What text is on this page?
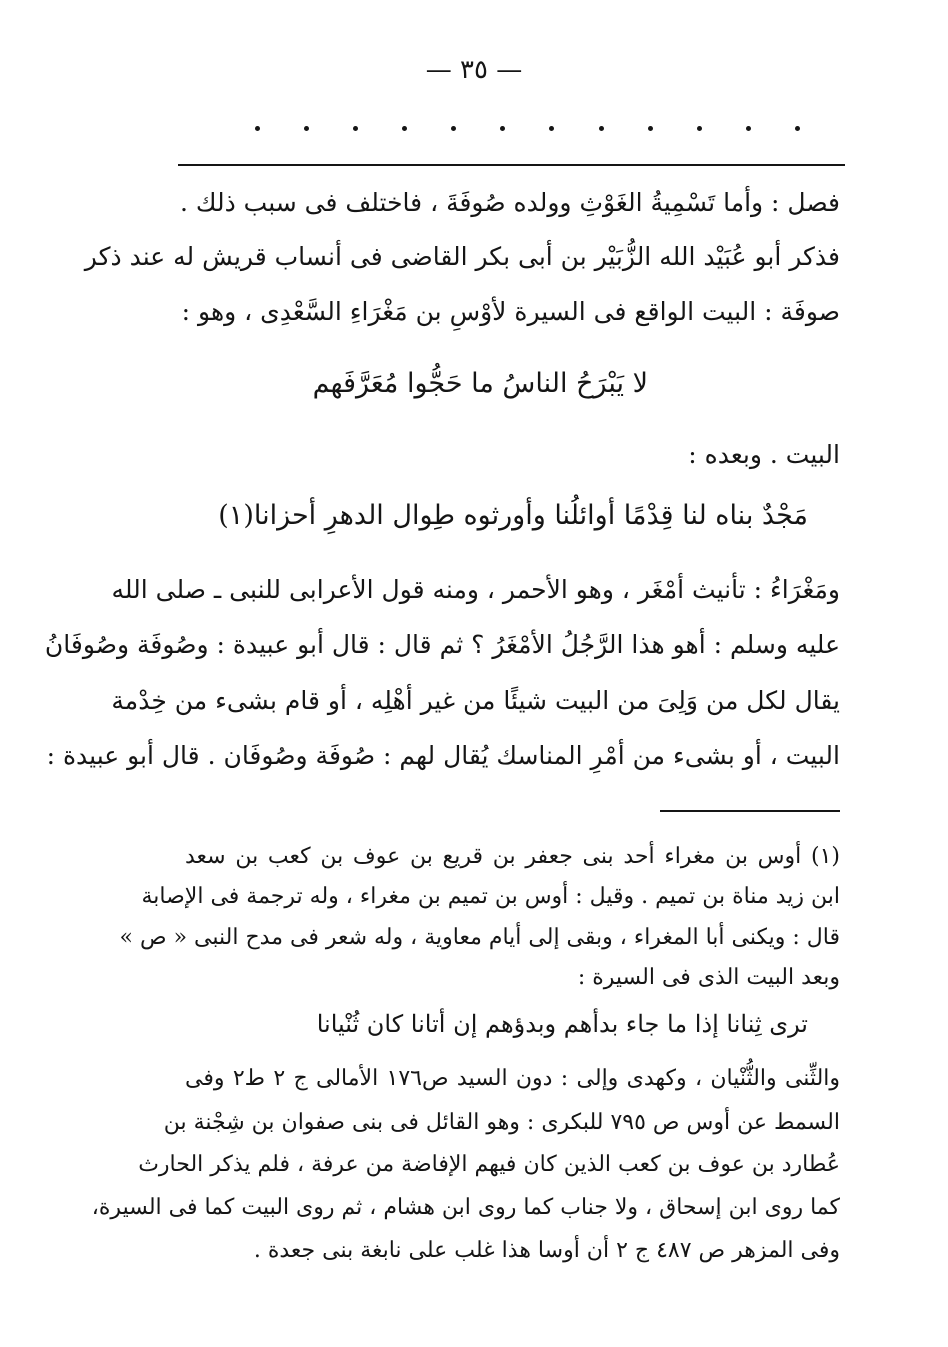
— ٣٥ —
فصل : وأما تَسْمِيةُ الغَوْثِ وولده صُوفَةَ ، فاختلف فى سبب ذلك .
فذكر أبو عُبَيْد الله الزُّبَيْر بن أبى بكر القاضى فى أنساب قريش له عند ذكر
صوفَة : البيت الواقع فى السيرة لأوْسِ بن مَغْرَاءِ السَّعْدِى ، وهو :
لا يَبْرَحُ الناسُ ما حَجُّوا مُعَرَّفَهم
البيت . وبعده :
مَجْدٌ بناه لنا قِدْمًا أوائلُنا وأورثوه طِوال الدهرِ أحزانا(١)
ومَغْرَاءُ : تأنيث أمْغَر ، وهو الأحمر ، ومنه قول الأعرابى للنبى ـ صلى الله
عليه وسلم : أهو هذا الرَّجُلُ الأمْغَرُ ؟ ثم قال : قال أبو عبيدة : وصُوفَة وصُوفَانُ
يقال لكل من وَلِىَ من البيت شيئًا من غير أهْلِه ، أو قام بشىء من خِدْمة
البيت ، أو بشىء من أمْرِ المناسك يُقال لهم : صُوفَة وصُوفَان . قال أبو عبيدة :
(١) أوس بن مغراء أحد بنى جعفر بن قريع بن عوف بن كعب بن سعد
ابن زيد مناة بن تميم . وقيل : أوس بن تميم بن مغراء ، وله ترجمة فى الإصابة
قال : ويكنى أبا المغراء ، وبقى إلى أيام معاوية ، وله شعر فى مدح النبى « ص »
وبعد البيت الذى فى السيرة :
ترى ثِنانا إذا ما جاء بدأهم وبدؤهم إن أتانا كان ثُنْيانا
والثِّنى والثُّنْيان ، وكهدى وإلى : دون السيد ص١٧٦ الأمالى ج ٢ ط٢ وفى
السمط عن أوس ص ٧٩٥ للبكرى : وهو القائل فى بنى صفوان بن شِجْنة بن
عُطارد بن عوف بن كعب الذين كان فيهم الإفاضة من عرفة ، فلم يذكر الحارث
كما روى ابن إسحاق ، ولا جناب كما روى ابن هشام ، ثم روى البيت كما فى السيرة،
وفى المزهر ص ٤٨٧ ج ٢ أن أوسا هذا غلب على نابغة بنى جعدة .
